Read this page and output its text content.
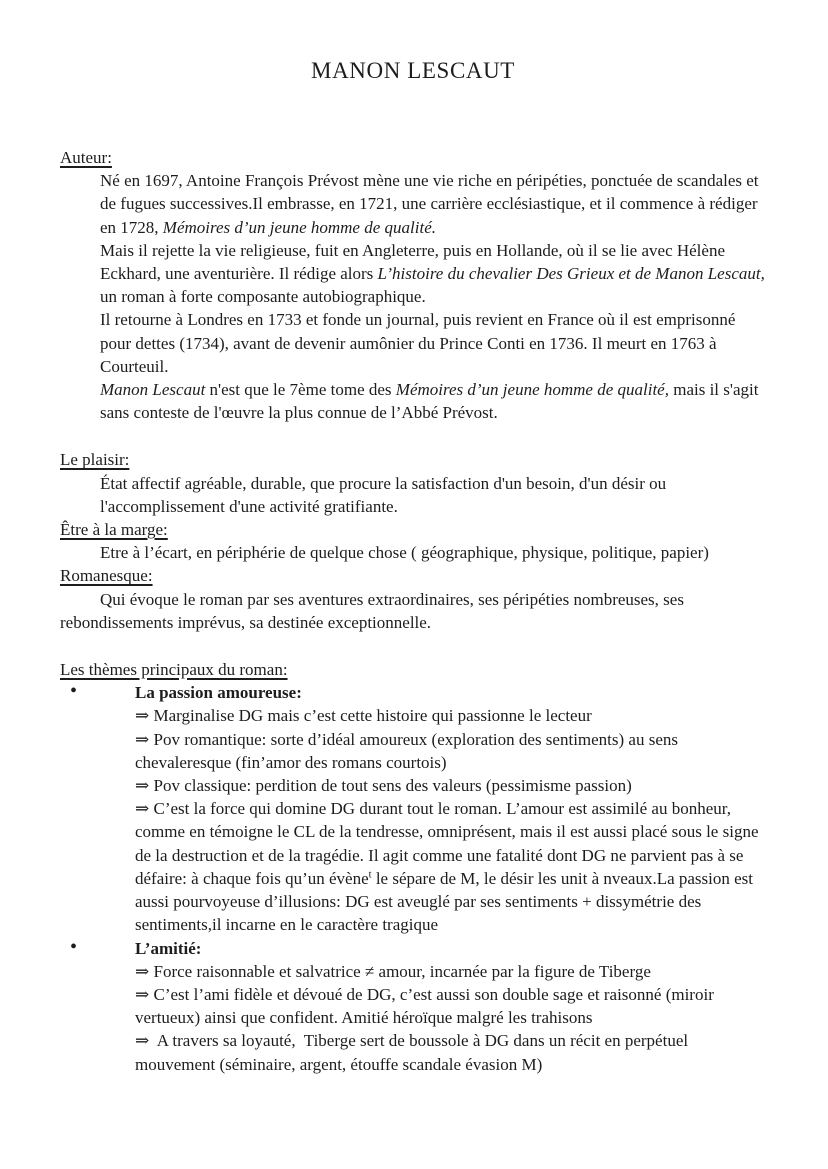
MANON LESCAUT
Auteur:

Né en 1697, Antoine François Prévost mène une vie riche en péripéties, ponctuée de scandales et de fugues successives.Il embrasse, en 1721, une carrière ecclésiastique, et il commence à rédiger en 1728, Mémoires d’un jeune homme de qualité.

Mais il rejette la vie religieuse, fuit en Angleterre, puis en Hollande, où il se lie avec Hélène Eckhard, une aventurière. Il rédige alors L’histoire du chevalier Des Grieux et de Manon Lescaut, un roman à forte composante autobiographique.

Il retourne à Londres en 1733 et fonde un journal, puis revient en France où il est emprisonné pour dettes (1734), avant de devenir aumônier du Prince Conti en 1736. Il meurt en 1763 à Courteuil.

Manon Lescaut n'est que le 7ème tome des Mémoires d’un jeune homme de qualité, mais il s'agit sans conteste de l'œuvre la plus connue de l’Abbé Prévost.

Le plaisir:

État affectif agréable, durable, que procure la satisfaction d'un besoin, d'un désir ou l'accomplissement d'une activité gratifiante.

Être à la marge:

Etre à l’écart, en périphérie de quelque chose ( géographique, physique, politique, papier)

Romanesque:

Qui évoque le roman par ses aventures extraordinaires, ses péripéties nombreuses, ses rebondissements imprévus, sa destinée exceptionnelle.

Les thèmes principaux du roman:
•	La passion amoureuse:

⇒ Marginalise DG mais c’est cette histoire qui passionne le lecteur

⇒ Pov romantique: sorte d’idéal amoureux (exploration des sentiments) au sens chevaleresque (fin’amor des romans courtois)

⇒ Pov classique: perdition de tout sens des valeurs (pessimisme passion)

⇒ C’est la force qui domine DG durant tout le roman. L’amour est assimilé au bonheur, comme en témoigne le CL de la tendresse, omniprésent, mais il est aussi placé sous le signe de la destruction et de la tragédie. Il agit comme une fatalité dont DG ne parvient pas à se défaire: à chaque fois qu’un évène$^t$ le sépare de M, le désir les unit à nveaux.La passion est aussi pourvoyeuse d’illusions: DG est aveuglé par ses sentiments + dissymétrie des sentiments,il incarne en le caractère tragique

•	L’amitié:

⇒ Force raisonnable et salvatrice ≠ amour, incarnée par la figure de Tiberge

⇒ C’est l’ami fidèle et dévoué de DG, c’est aussi son double sage et raisonné (miroir vertueux) ainsi que confident. Amitié héroïque malgré les trahisons

⇒  A travers sa loyauté,  Tiberge sert de boussole à DG dans un récit en perpétuel mouvement (séminaire, argent, étouffe scandale évasion M)
